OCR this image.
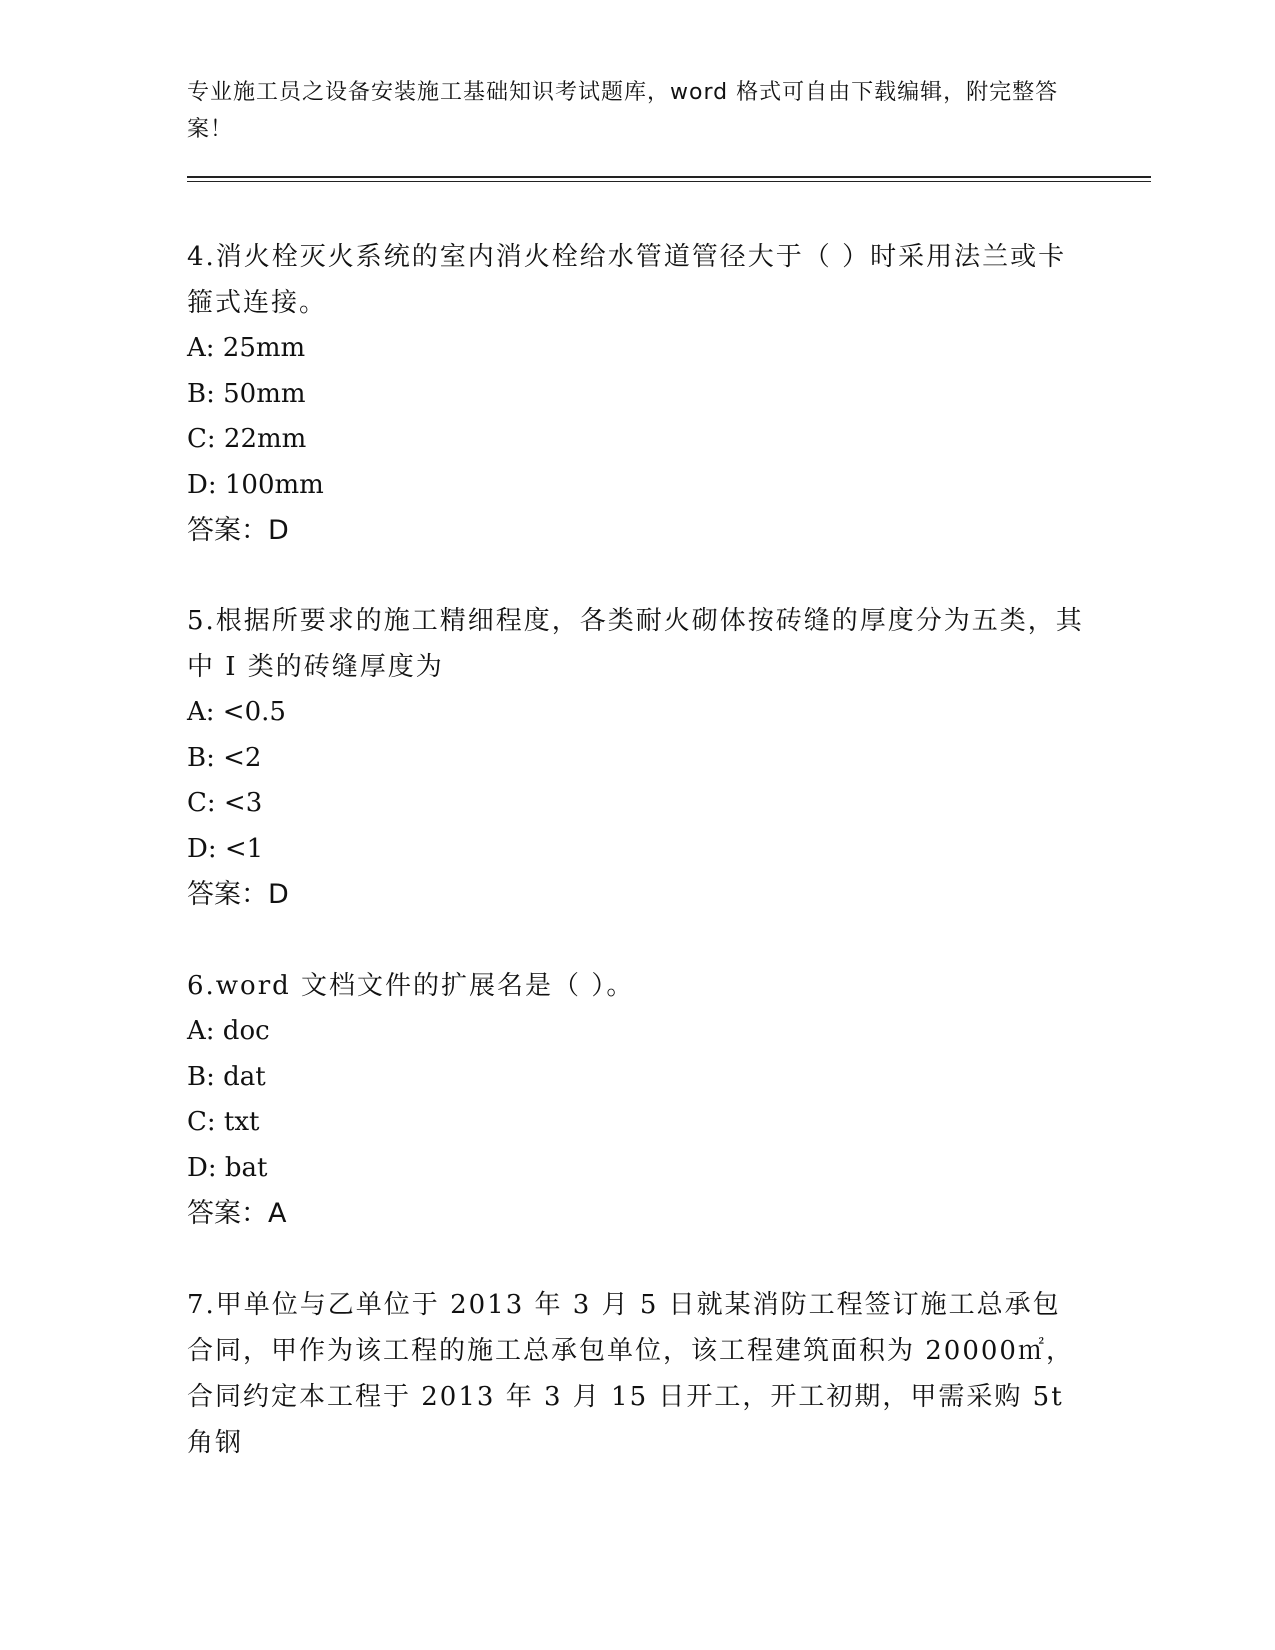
专业施工员之设备安装施工基础知识考试题库，word 格式可自由下载编辑，附完整答案！

4.消火栓灭火系统的室内消火栓给水管道管径大于（ ）时采用法兰或卡箍式连接。

A: 25mm

B: 50mm

C: 22mm

D: 100mm

答案：D

5.根据所要求的施工精细程度，各类耐火砌体按砖缝的厚度分为五类，其中 I 类的砖缝厚度为

A: <0.5

B: <2

C: <3

D: <1

答案：D

6.word 文档文件的扩展名是（ ）。

A: doc

B: dat

C: txt

D: bat

答案：A

7.甲单位与乙单位于 2013 年 3 月 5 日就某消防工程签订施工总承包合同，甲作为该工程的施工总承包单位，该工程建筑面积为 20000㎡，合同约定本工程于 2013 年 3 月 15 日开工，开工初期，甲需采购 5t 角钢
